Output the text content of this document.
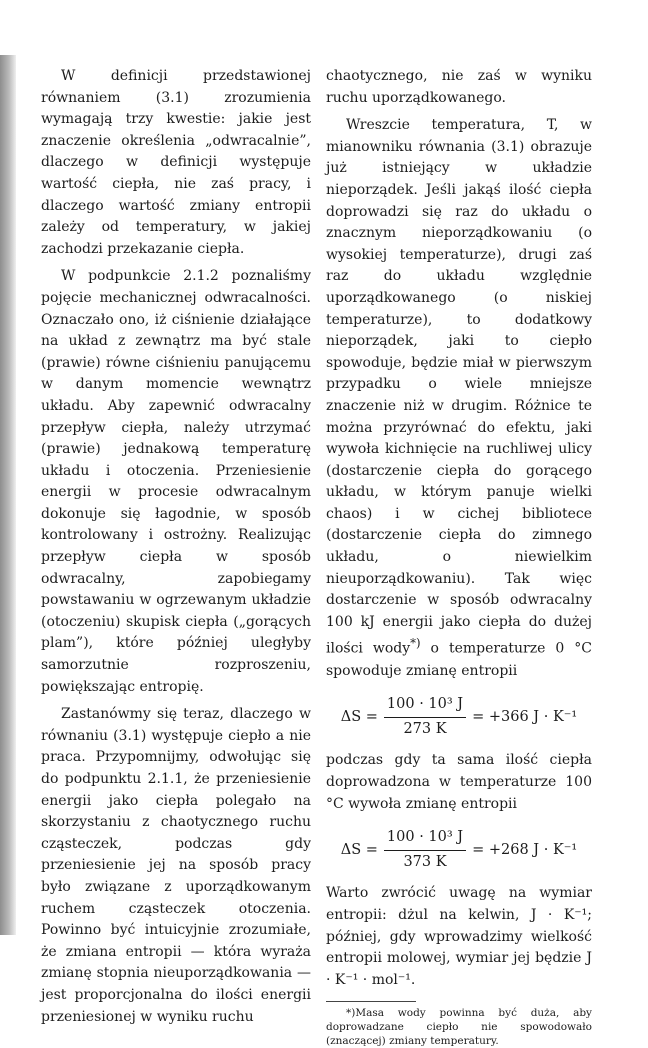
W definicji przedstawionej równaniem (3.1) zrozumienia wymagają trzy kwestie: jakie jest znaczenie określenia „odwracalnie”, dlaczego w definicji występuje wartość ciepła, nie zaś pracy, i dlaczego wartość zmiany entropii zależy od temperatury, w jakiej zachodzi przekazanie ciepła.

W podpunkcie 2.1.2 poznaliśmy pojęcie mechanicznej odwracalności. Oznaczało ono, iż ciśnienie działające na układ z zewnątrz ma być stale (prawie) równe ciśnieniu panującemu w danym momencie wewnątrz układu. Aby zapewnić odwracalny przepływ ciepła, należy utrzymać (prawie) jednakową temperaturę układu i otoczenia. Przeniesienie energii w procesie odwracalnym dokonuje się łagodnie, w sposób kontrolowany i ostrożny. Realizując przepływ ciepła w sposób odwracalny, zapobiegamy powstawaniu w ogrzewanym układzie (otoczeniu) skupisk ciepła („gorących plam”), które później uległyby samorzutnie rozproszeniu, powiększając entropię.

Zastanówmy się teraz, dlaczego w równaniu (3.1) występuje ciepło a nie praca. Przypomnijmy, odwołując się do podpunktu 2.1.1, że przeniesienie energii jako ciepła polegało na skorzystaniu z chaotycznego ruchu cząsteczek, podczas gdy przeniesienie jej na sposób pracy było związane z uporządkowanym ruchem cząsteczek otoczenia. Powinno być intuicyjnie zrozumiałe, że zmiana entropii — która wyraża zmianę stopnia nieuporządkowania — jest proporcjonalna do ilości energii przeniesionej w wyniku ruchu

chaotycznego, nie zaś w wyniku ruchu uporządkowanego.

Wreszcie temperatura, T, w mianowniku równania (3.1) obrazuje już istniejący w układzie nieporządek. Jeśli jakąś ilość ciepła doprowadzi się raz do układu o znacznym nieporządkowaniu (o wysokiej temperaturze), drugi zaś raz do układu względnie uporządkowanego (o niskiej temperaturze), to dodatkowy nieporządek, jaki to ciepło spowoduje, będzie miał w pierwszym przypadku o wiele mniejsze znaczenie niż w drugim. Różnice te można przyrównać do efektu, jaki wywoła kichnięcie na ruchliwej ulicy (dostarczenie ciepła do gorącego układu, w którym panuje wielki chaos) i w cichej bibliotece (dostarczenie ciepła do zimnego układu, o niewielkim nieuporządkowaniu). Tak więc dostarczenie w sposób odwracalny 100 kJ energii jako ciepła do dużej ilości wody*) o temperaturze 0 °C spowoduje zmianę entropii

$\Delta S = \frac{\text{100 · 10³ J}}{273 K} = +366$ J · K⁻¹

podczas gdy ta sama ilość ciepła doprowadzona w temperaturze 100 °C wywoła zmianę entropii

$\Delta S = \frac{\text{100 · 10³ J}}{373 K} = +268$ J · K⁻¹

Warto zwrócić uwagę na wymiar entropii: dżul na kelwin, J · K⁻¹; później, gdy wprowadzimy wielkość entropii molowej, wymiar jej będzie J · K⁻¹ · mol⁻¹.

*)Masa wody powinna być duża, aby doprowadzane ciepło nie spowodowało (znaczącej) zmiany temperatury.
